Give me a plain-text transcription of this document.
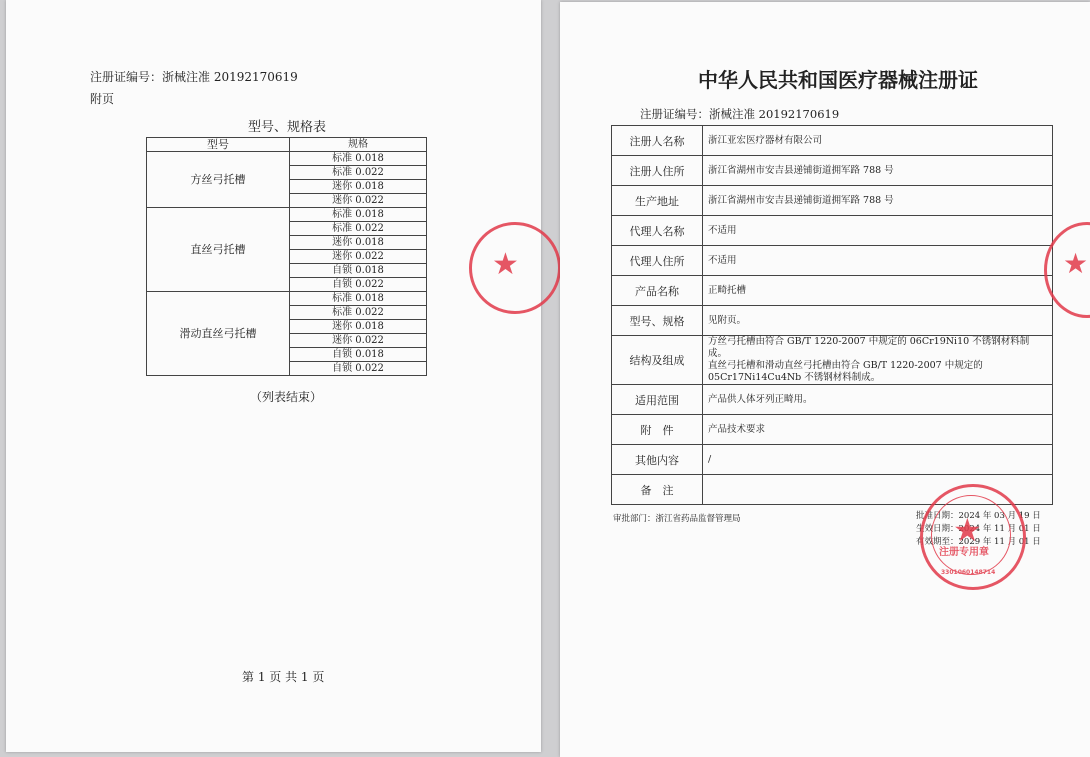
注册证编号：浙械注准 20192170619
附页
型号、规格表
型号	规格
方丝弓托槽	标准 0.018
	标准 0.022
	迷你 0.018
	迷你 0.022
直丝弓托槽	标准 0.018
	标准 0.022
	迷你 0.018
	迷你 0.022
	自锁 0.018
	自锁 0.022
滑动直丝弓托槽	标准 0.018
	标准 0.022
	迷你 0.018
	迷你 0.022
	自锁 0.018
	自锁 0.022
（列表结束）
第 1 页 共 1 页
★
中华人民共和国医疗器械注册证
注册证编号：浙械注准 20192170619
注册人名称	浙江亚宏医疗器材有限公司
注册人住所	浙江省湖州市安吉县递铺街道拥军路 788 号
生产地址	浙江省湖州市安吉县递铺街道拥军路 788 号
代理人名称	不适用
代理人住所	不适用
产品名称	正畸托槽
型号、规格	见附页。
结构及组成	方丝弓托槽由符合 GB/T 1220-2007 中规定的 06Cr19Ni10 不锈钢材料制成。
直丝弓托槽和滑动直丝弓托槽由符合 GB/T 1220-2007 中规定的
05Cr17Ni14Cu4Nb 不锈钢材料制成。

适用范围	产品供人体牙列正畸用。
附　件	产品技术要求
其他内容	/
备　注	
审批部门：浙江省药品监督管理局	批准日期：2024 年 03 月 19 日
生效日期：2024 年 11 月 01 日
有效期至：2029 年 11 月 01 日
★
注册专用章
3301060148714
★
